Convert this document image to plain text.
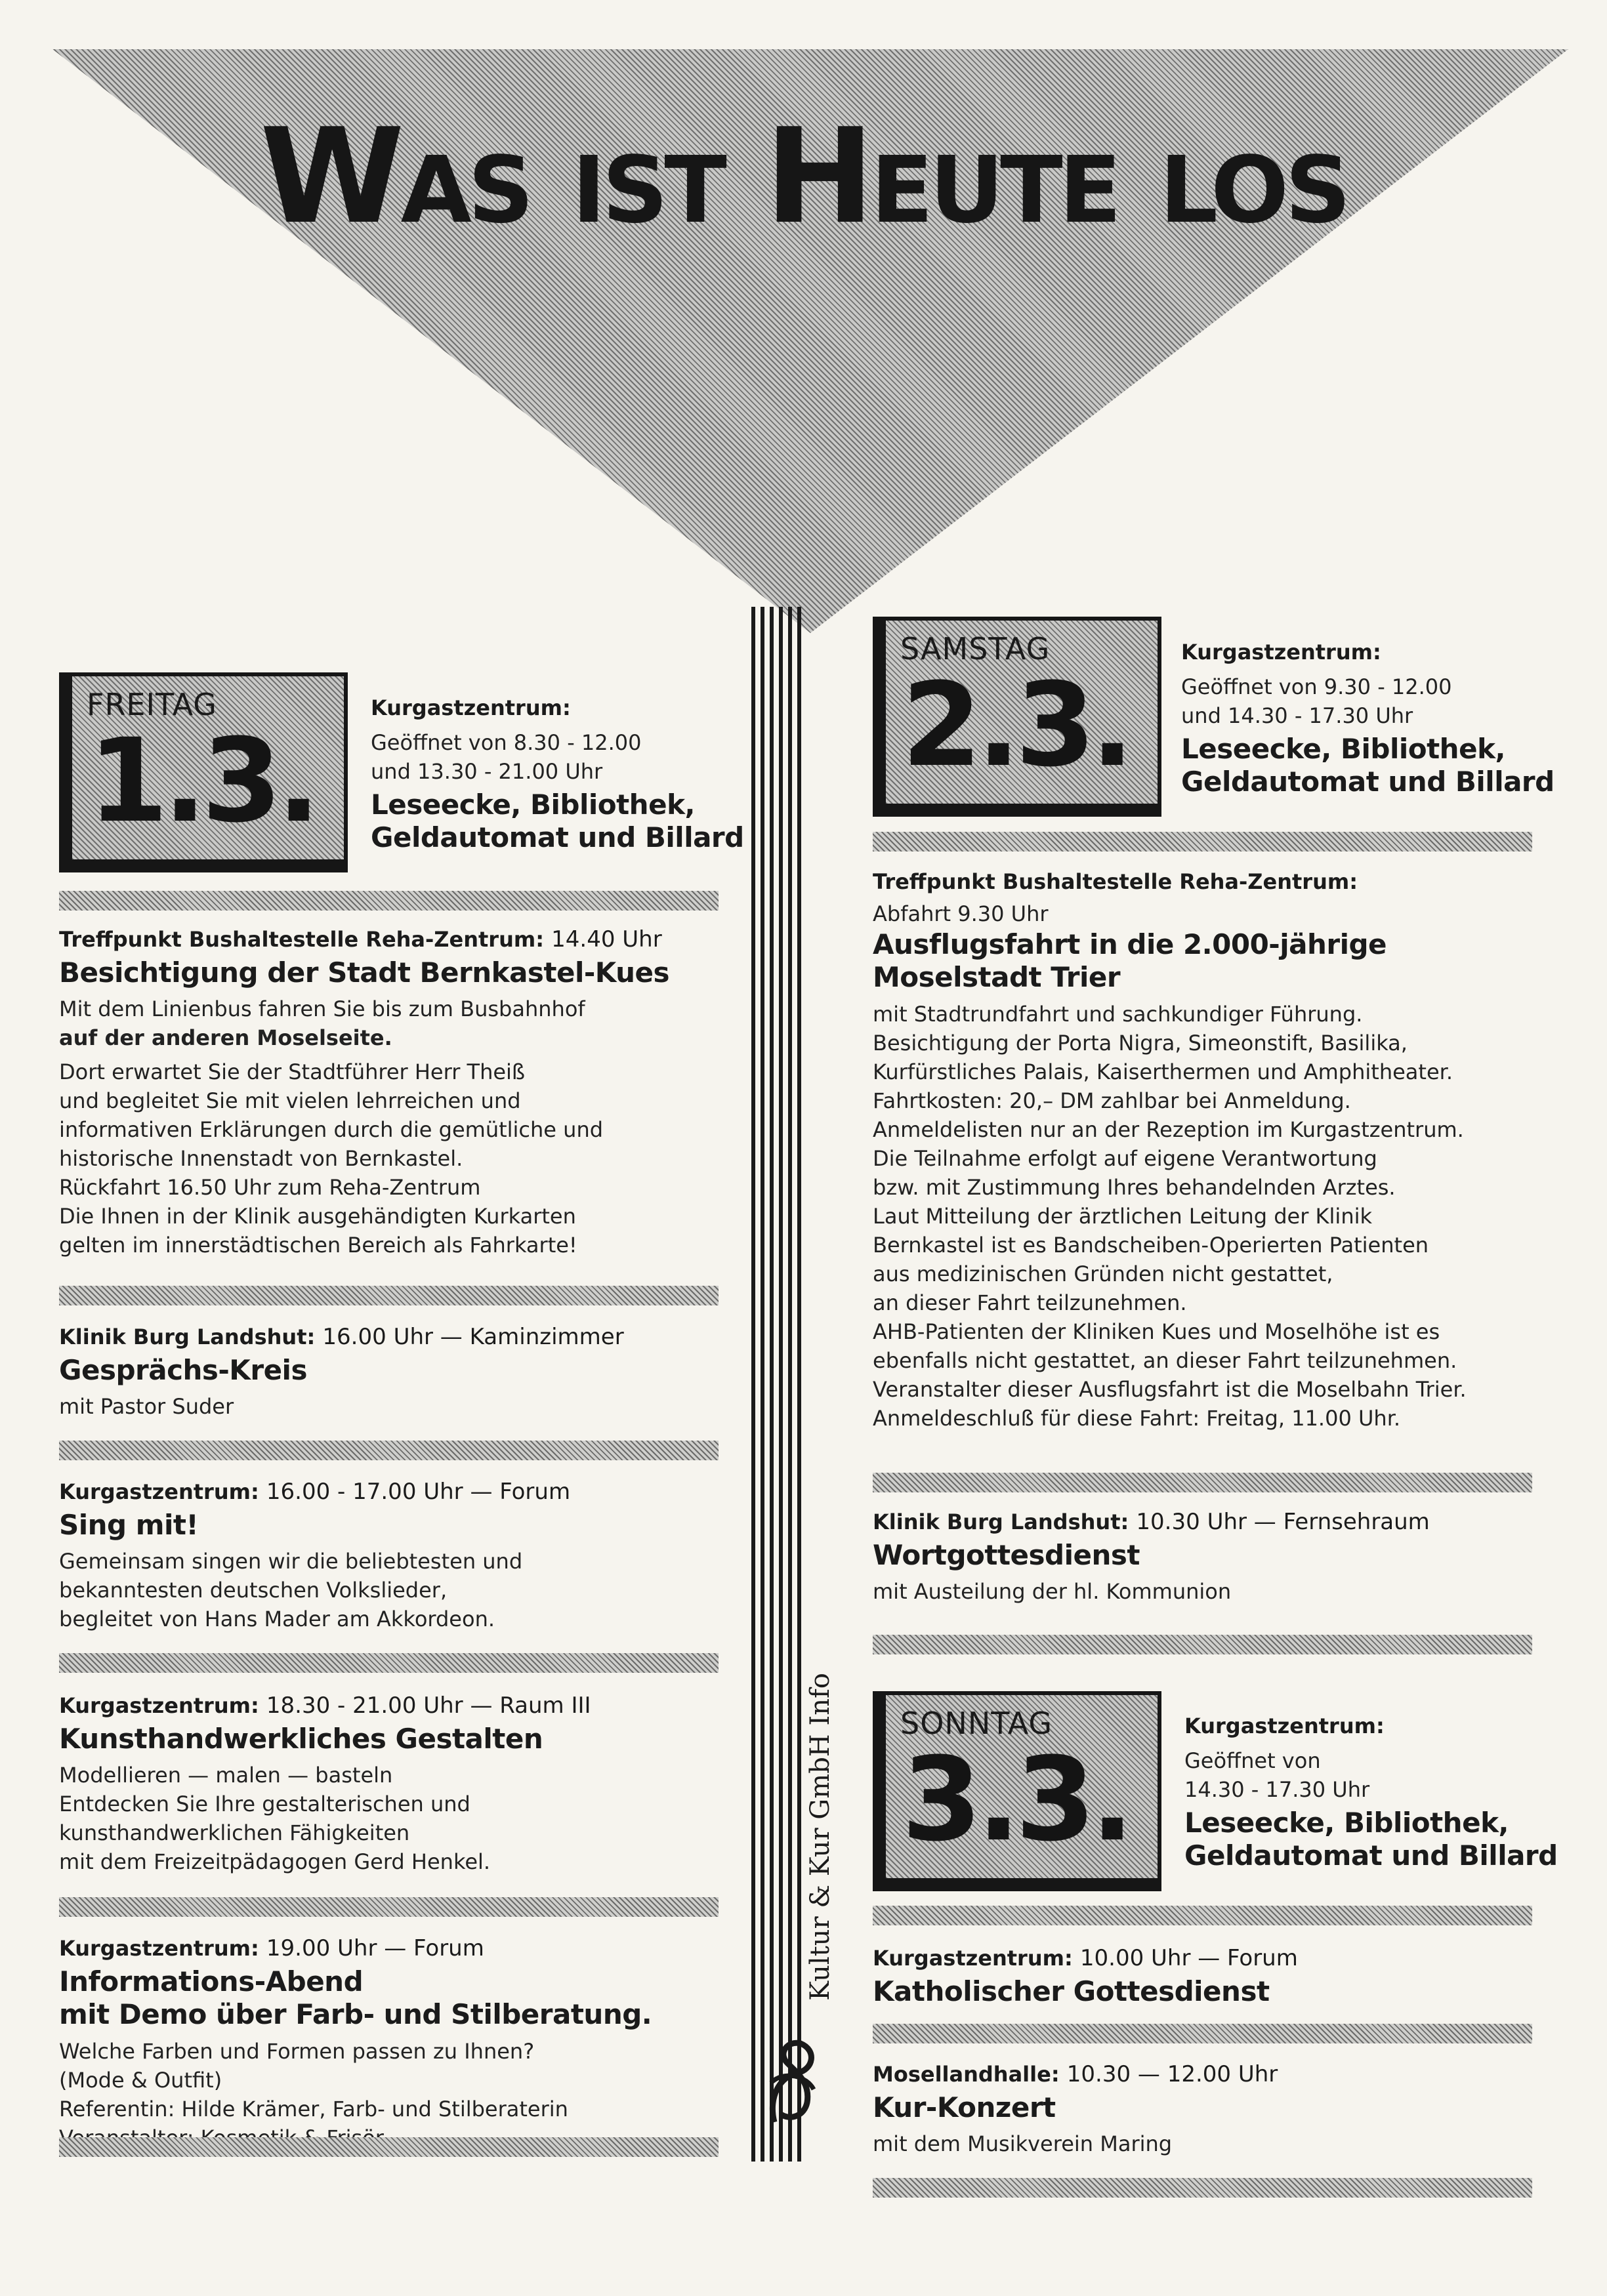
Was ist Heute los
Kultur & Kur GmbH Info
FREITAG
1.3.
Kurgastzentrum:
Geöffnet von 8.30 - 12.00
und 13.30 - 21.00 Uhr
Leseecke, Bibliothek,
Geldautomat und Billard
Treffpunkt Bushaltestelle Reha-Zentrum: 14.40 Uhr
Besichtigung der Stadt Bernkastel-Kues
Mit dem Linienbus fahren Sie bis zum Busbahnhof
auf der anderen Moselseite.
Dort erwartet Sie der Stadtführer Herr Theiß
und begleitet Sie mit vielen lehrreichen und
informativen Erklärungen durch die gemütliche und
historische Innenstadt von Bernkastel.
Rückfahrt 16.50 Uhr zum Reha-Zentrum
Die Ihnen in der Klinik ausgehändigten Kurkarten
gelten im innerstädtischen Bereich als Fahrkarte!
Klinik Burg Landshut: 16.00 Uhr — Kaminzimmer
Gesprächs-Kreis
mit Pastor Suder
Kurgastzentrum: 16.00 - 17.00 Uhr — Forum
Sing mit!
Gemeinsam singen wir die beliebtesten und
bekanntesten deutschen Volkslieder,
begleitet von Hans Mader am Akkordeon.
Kurgastzentrum: 18.30 - 21.00 Uhr — Raum III
Kunsthandwerkliches Gestalten
Modellieren — malen — basteln
Entdecken Sie Ihre gestalterischen und
kunsthandwerklichen Fähigkeiten
mit dem Freizeitpädagogen Gerd Henkel.
Kurgastzentrum: 19.00 Uhr — Forum
Informations-Abend
mit Demo über Farb- und Stilberatung.
Welche Farben und Formen passen zu Ihnen?
(Mode & Outfit)
Referentin: Hilde Krämer, Farb- und Stilberaterin
SAMSTAG
2.3.
Kurgastzentrum:
Geöffnet von 9.30 - 12.00
und 14.30 - 17.30 Uhr
Leseecke, Bibliothek,
Geldautomat und Billard
Treffpunkt Bushaltestelle Reha-Zentrum:
Abfahrt 9.30 Uhr
Ausflugsfahrt in die 2.000-jährige
Moselstadt Trier
mit Stadtrundfahrt und sachkundiger Führung.
Besichtigung der Porta Nigra, Simeonstift, Basilika,
Kurfürstliches Palais, Kaiserthermen und Amphitheater.
Fahrtkosten: 20,– DM zahlbar bei Anmeldung.
Anmeldelisten nur an der Rezeption im Kurgastzentrum.
Die Teilnahme erfolgt auf eigene Verantwortung
bzw. mit Zustimmung Ihres behandelnden Arztes.
Laut Mitteilung der ärztlichen Leitung der Klinik
Bernkastel ist es Bandscheiben-Operierten Patienten
aus medizinischen Gründen nicht gestattet,
an dieser Fahrt teilzunehmen.
AHB-Patienten der Kliniken Kues und Moselhöhe ist es
ebenfalls nicht gestattet, an dieser Fahrt teilzunehmen.
Veranstalter dieser Ausflugsfahrt ist die Moselbahn Trier.
Anmeldeschluß für diese Fahrt: Freitag, 11.00 Uhr.
Klinik Burg Landshut: 10.30 Uhr — Fernsehraum
Wortgottesdienst
mit Austeilung der hl. Kommunion
SONNTAG
3.3.
Kurgastzentrum:
Geöffnet von
14.30 - 17.30 Uhr
Leseecke, Bibliothek,
Geldautomat und Billard
Kurgastzentrum: 10.00 Uhr — Forum
Katholischer Gottesdienst
Mosellandhalle: 10.30 — 12.00 Uhr
Kur-Konzert
mit dem Musikverein Maring
